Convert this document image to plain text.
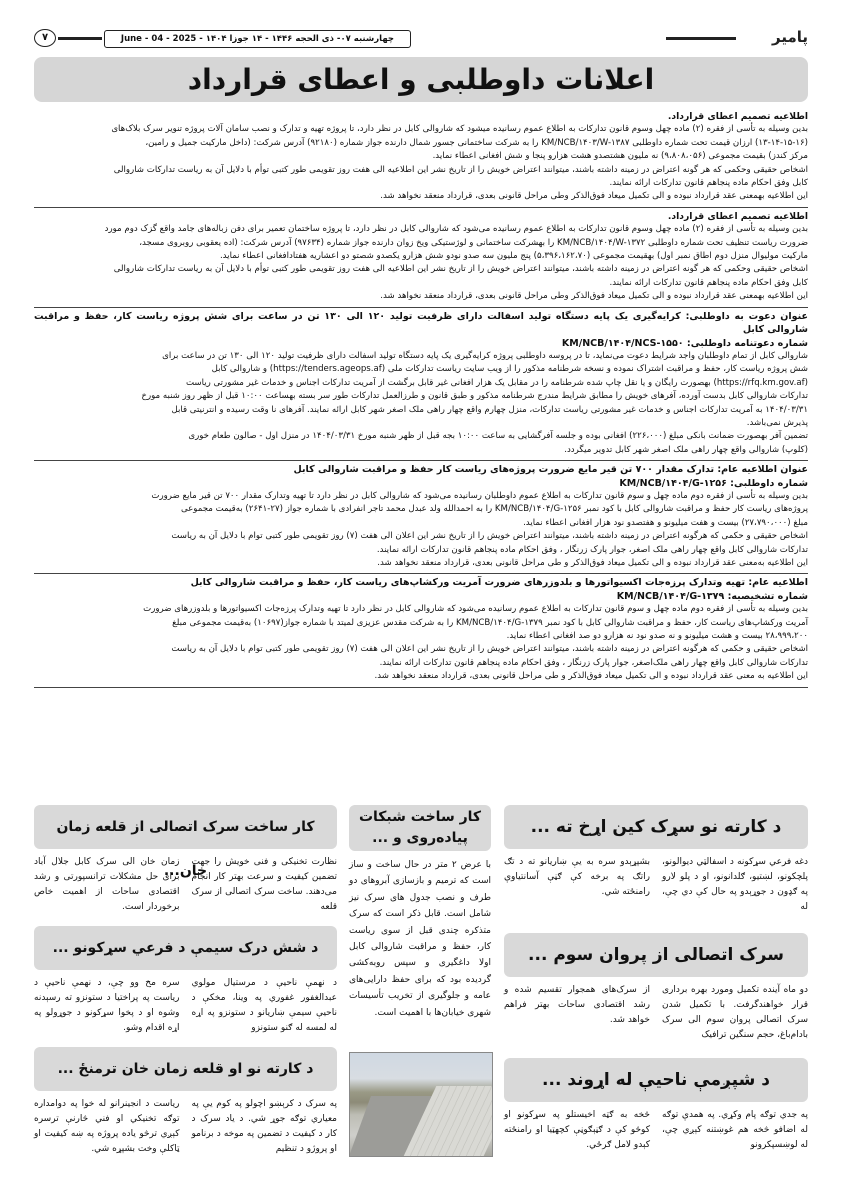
پامیر
چهارشنبه ۰۷- ذی الحجه ۱۴۴۶ - ۱۴ جوزا ۱۴۰۴ - June - 04 - 2025
۷
اعلانات داوطلبی و اعطای قرارداد

اطلاعیه تصمیم اعطای قرارداد.

بدین وسیله به تأسی از فقره (۲) ماده چهل وسوم قانون تدارکات به اطلاع عموم رسانیده میشود که شاروالی کابل در نظر دارد، تا پروژه تهیه و تدارک و نصب سامان آلات پروژه تنویر سرک بلاک‌های

(۱۳-۱۴-۱۵-۱۶) ارزان قیمت تحت شماره داوطلبی KM/NCB/۱۴۰۳/W-۱۳۸۷ را به شرکت ساختمانی جسور شمال دارنده جواز شماره (۹۲۱۸۰) آدرس شرکت: (داخل مارکیت جمیل و رامین،

مرکز کندز) بقیمت مجموعی (۹،۸۰۸،۰۵۶) نه ملیون هشتصدو هشت هزارو پنجا و شش افغانی اعطاء نماید.

اشخاص حقیقی وحکمی که هر گونه اعتراض در زمینه داشته باشند، میتوانند اعتراض خویش را از تاریخ نشر این اطلاعیه الی هفت روز تقویمی طور کتبی توأم با دلایل آن به ریاست تدارکات شاروالی

کابل وفق احکام ماده پنجاهم قانون تدارکات ارائه نمایند.

این اطلاعیه بهمعنی عقد قرارداد نبوده و الی تکمیل میعاد فوق‌الذکر وطی مراحل قانونی بعدی، قرارداد منعقد نخواهد شد.

اطلاعیه تصمیم اعطای قرارداد.

بدین وسیله به تأسی از فقره (۲) ماده چهل وسوم قانون تدارکات به اطلاع عموم رسانیده می‌شود که شاروالی کابل در نظر دارد، تا پروژه ساختمان تعمیر برای دفن زباله‌های جامد واقع گزک دوم مورد

ضرورت ریاست تنظیف تحت شماره داوطلبی KM/NCB/۱۴۰۴/W-۱۳۷۲ را بهشرکت ساختمانی و لوژستیکی ویخ زوان دارنده جواز شماره (۹۷۶۳۴) آدرس شرکت: (اده یعقوبی روبروی مسجد،

مارکیت مولیوال منزل دوم اطاق نمبر اول) بهقیمت مجموعی (۵،۳۹۶،۱۶۲،۷۰) پنج ملیون سه صدو نودو شش هزارو یکصدو شصتو دو اعشاریه هفتادافغانی اعطاء نماید.

اشخاص حقیقی وحکمی که هر گونه اعتراض در زمینه داشته باشند، میتوانند اعتراض خویش را از تاریخ نشر این اطلاعیه الی هفت روز تقویمی طور کتبی توأم با دلایل آن به ریاست تدارکات شاروالی

کابل وفق احکام ماده پنجاهم قانون تدارکات ارائه نمایند.

این اطلاعیه بهمعنی عقد قرارداد نبوده و الی تکمیل میعاد فوق‌الذکر وطی مراحل قانونی بعدی، قرارداد منعقد نخواهد شد.

عنوان دعوت به داوطلبی: کرایه‌گیری یک پایه دستگاه تولید اسفالت دارای ظرفیت تولید ۱۲۰ الی ۱۳۰ تن در ساعت برای شش پروژه ریاست کار، حفظ و مراقبت شاروالی کابل

شماره دعوتنامه داوطلبی: KM/NCB/۱۴۰۴/NCS-۱۵۵۰

شاروالی کابل از تمام داوطلبان واجد شرایط دعوت می‌نماید، تا در پروسه داوطلبی پروژه کرایه‌گیری یک پایه دستگاه تولید اسفالت دارای ظرفیت تولید ۱۲۰ الی ۱۳۰ تن در ساعت برای

شش پروژه ریاست کار، حفظ و مراقبت اشتراک نموده و نسخه شرطنامه مذکور را از ویب سایت ریاست تدارکات ملی (https://tenders.ageops.af) و شاروالی کابل

(https://rfq.km.gov.af) بهصورت رایگان و یا نقل چاپ شده شرطنامه را در مقابل یک هزار افغانی غیر قابل برگشت از آمریت تدارکات اجناس و خدمات غیر مشورتی ریاست

تدارکات شاروالی کابل بدست آورده، آفرهای خویش را مطابق شرایط مندرج شرطنامه مذکور و طبق قانون و طرزالعمل تدارکات طور سر بسته بهساعت ۱۰:۰۰ قبل از ظهر روز شنبه مورخ

۱۴۰۴/۰۳/۳۱ به آمریت تدارکات اجناس و خدمات غیر مشورتی ریاست تدارکات، منزل چهارم واقع چهار راهی ملک اصغر شهر کابل ارائه نمایند. آفرهای نا وقت رسیده و انترنیتی قابل

پذیرش نمی‌باشد.

تضمین آفر بهصورت ضمانت بانکی مبلغ (۲۲۶،۰۰۰) افغانی بوده و جلسه آفرگشایی به ساعت ۱۰:۰۰ بجه قبل از ظهر شنبه مورخ ۱۴۰۴/۰۳/۳۱ در منزل اول - صالون طعام خوری

(کلوپ) شاروالی واقع چهار راهی ملک اصغر شهر کابل تدویر میگردد.

عنوان اطلاعیه عام: تدارک مقدار ۷۰۰ تن قیر مایع ضرورت پروژه‌های ریاست کار حفظ و مراقبت شاروالی کابل

شماره داوطلبی: KM/NCB/۱۴۰۴/G-۱۲۵۶

بدین وسیله به تأسی از فقره دوم ماده چهل و سوم قانون تدارکات به اطلاع عموم داوطلبان رسانیده می‌شود که شاروالی کابل در نظر دارد تا تهیه وتدارک مقدار ۷۰۰ تن قیر مایع ضرورت

پروژه‌های ریاست کار حفظ و مراقبت شاروالی کابل با کود نمبر KM/NCB/۱۴۰۴/G-۱۲۵۶ را به احمدالله ولد عبدل محمد تاجر انفرادی با شماره جواز (۲۷-۲۶۴۱) به‌قیمت مجموعی

مبلغ (۲۷،۷۹۰،۰۰۰) بیست و هفت میلیونو و هفتصدو نود هزار افغانی اعطاء نماید.

اشخاص حقیقی و حکمی که هرگونه اعتراض در زمینه داشته باشند، میتوانند اعتراض خویش را از تاریخ نشر این اعلان الی هفت (۷) روز تقویمی طور کتبی توام با دلایل آن به ریاست

تدارکات شاروالی کابل واقع چهار راهی ملک اصغر، جوار پارک زرنگار ، وفق احکام ماده پنجاهم قانون تدارکات ارائه نمایند.

این اطلاعیه به‌معنی عقد قرارداد نبوده و الی تکمیل میعاد فوق‌الذکر و طی مراحل قانونی بعدی، قرارداد منعقد نخواهد شد.

اطلاعیه عام: تهیه وتدارک پرزه‌جات اکسیواتورها و بلدوزرهای ضرورت آمریت ورکشاپ‌های ریاست کار، حفظ و مراقبت شاروالی کابل

شماره تشخیصیه: KM/NCB/۱۴۰۴/G-۱۳۷۹

بدین وسیله به تأسی از فقره دوم ماده چهل و سوم قانون تدارکات به اطلاع عموم رسانیده می‌شود که شاروالی کابل در نظر دارد تا تهیه وتدارک پرزه‌جات اکسیواتورها و بلدوزرهای ضرورت

آمریت ورکشاپ‌های ریاست کار، حفظ و مراقبت شاروالی کابل با کود نمبر KM/NCB/۱۴۰۴/G-۱۳۷۹ را به شرکت مقدس عزیزی لمیتد با شماره جواز(۱۰۶۹۷) به‌قیمت مجموعی مبلغ

۲۸،۹۹۹،۲۰۰ بیست و هشت میلیونو و نه صدو نود نه هزارو دو صد افغانی اعطاء نماید.

اشخاص حقیقی و حکمی که هرگونه اعتراض در زمینه داشته باشند، میتوانند اعتراض خویش را از تاریخ نشر این اعلان الی هفت (۷) روز تقویمی طور کتبی توام با دلایل آن به ریاست

تدارکات شاروالی کابل واقع چهار راهی ملک‌اصغر، جوار پارک زرنگار ، وفق احکام ماده پنجاهم قانون تدارکات ارائه نمایند.

این اطلاعیه به معنی عقد قرارداد نبوده و الی تکمیل میعاد فوق‌الذکر و طی مراحل قانونی بعدی، قرارداد منعقد نخواهد شد.

د کارته نو سړک کین اړخ ته ...
دغه فرعي سړکونه د اسفالټي ديوالونو، پلچکونو، لښتيو، ګلدانونو، او د پلو لارو په ګډون د جوړېدو په حال کې دي چې، له
بشپړېدو سره به یې ښاریانو ته د تګ راتګ په برخه کې ګڼې آسانتیاوې رامنځته شي.
سرک اتصالی از پروان سوم ...
دو ماه آینده تکمیل ومورد بهره برداری قرار خواهندگرفت. با تکمیل شدن سرک اتصالی پروان سوم الی سرک بادام‌باغ، حجم سنگین ترافیک
از سرک‌های همجوار تقسیم شده و رشد اقتصادی ساحات بهتر فراهم خواهد شد.
د شپږمې ناحيې له اړوند ...
په جدي توګه پام وکړي. په همدې توګه له اضافو څخه هم غوښتنه کېږي چې، له لوښسپکرونو
څخه به ګټه اخیستلو په سړکونو او کوڅو کې د ګڼېګوڼې کچهټیا او رامنځته کېدو لامل ګرځي.
کار ساخت شبکات پیاده‌روی و ...
با عرض ۲ متر در حال ساخت و ساز است که ترمیم و بازسازی آبروهای دو طرف و نصب جدول های سرک نیز شامل است. قابل ذکر است که سرک متذکره چندی قبل از سوی ریاست کار، حفظ و مراقبت شاروالی کابل اولا داغگیری و سپس روبه‌کشی گردیده بود که برای حفظ دارایی‌های عامه و جلوگیری از تخریب تأسیسات شهری خیابان‌ها با اهمیت است.
کار ساخت سرک اتصالی از قلعه زمان خان...
نظارت تخنیکی و فنی خویش را جهت تضمین کیفیت و سرعت بهتر کار انجام می‌دهند. ساخت سرک اتصالی از سرک قلعه
زمان خان الی سرک کابل جلال آباد برای حل مشکلات ترانسپورتی و رشد اقتصادی ساحات از اهمیت خاص برخوردار است.
د شش درک سیمې د فرعي سړکونو ...
د نهمې ناحیې د مرستیال مولوي عبدالغفور غفوري په وینا، مخکې د ناحیې سیمې ښاریانو د ستونزو په اړه له لمسه له ګنو ستونزو
سره مخ وو چې، د نهمې ناحیې د ریاست په پراختیا د ستونزو ته رسېدنه وشوه او د پخوا سړکونو د جوړولو په اړه اقدام وشو.
د کارته نو او قلعه زمان خان ترمنځ ...
په سرک د کرېښو اچولو په کوم یې په معیاري توګه جوړ شي. د یاد سرک د کار د کیفیت د تضمین په موخه د برنامو او پروژو د تنظیم
ریاست د انجینرانو له خوا په دوامداره توګه تخنیکي او فني څارنې ترسره کېږي ترڅو یاده پروژه په ښه کیفیت او ټاکلې وخت بشپړه شي.
